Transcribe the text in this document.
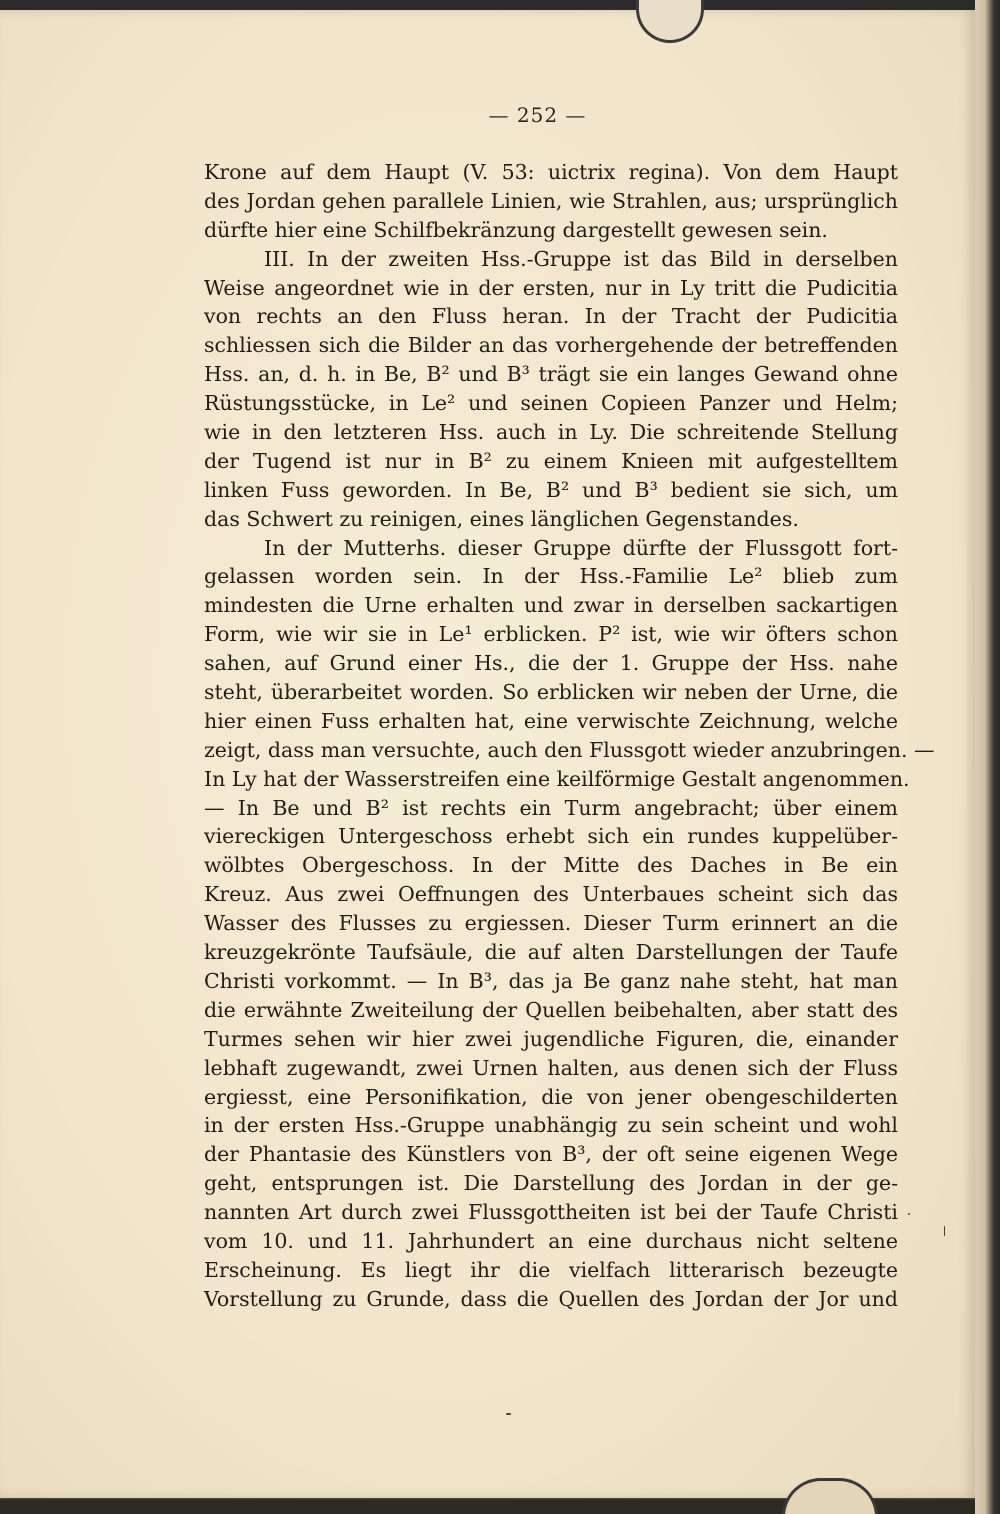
— 252 —
Krone auf dem Haupt (V. 53: uictrix regina). Von dem Haupt
des Jordan gehen parallele Linien, wie Strahlen, aus; ursprünglich
dürfte hier eine Schilfbekränzung dargestellt gewesen sein.
III. In der zweiten Hss.-Gruppe ist das Bild in derselben
Weise angeordnet wie in der ersten, nur in Ly tritt die Pudicitia
von rechts an den Fluss heran. In der Tracht der Pudicitia
schliessen sich die Bilder an das vorhergehende der betreffenden
Hss. an, d. h. in Be, B² und B³ trägt sie ein langes Gewand ohne
Rüstungsstücke, in Le² und seinen Copieen Panzer und Helm;
wie in den letzteren Hss. auch in Ly. Die schreitende Stellung
der Tugend ist nur in B² zu einem Knieen mit aufgestelltem
linken Fuss geworden. In Be, B² und B³ bedient sie sich, um
das Schwert zu reinigen, eines länglichen Gegenstandes.
In der Mutterhs. dieser Gruppe dürfte der Flussgott fort-
gelassen worden sein. In der Hss.-Familie Le² blieb zum
mindesten die Urne erhalten und zwar in derselben sackartigen
Form, wie wir sie in Le¹ erblicken. P² ist, wie wir öfters schon
sahen, auf Grund einer Hs., die der 1. Gruppe der Hss. nahe
steht, überarbeitet worden. So erblicken wir neben der Urne, die
hier einen Fuss erhalten hat, eine verwischte Zeichnung, welche
zeigt, dass man versuchte, auch den Flussgott wieder anzubringen. —
In Ly hat der Wasserstreifen eine keilförmige Gestalt angenommen.
— In Be und B² ist rechts ein Turm angebracht; über einem
viereckigen Untergeschoss erhebt sich ein rundes kuppelüber-
wölbtes Obergeschoss. In der Mitte des Daches in Be ein
Kreuz. Aus zwei Oeffnungen des Unterbaues scheint sich das
Wasser des Flusses zu ergiessen. Dieser Turm erinnert an die
kreuzgekrönte Taufsäule, die auf alten Darstellungen der Taufe
Christi vorkommt. — In B³, das ja Be ganz nahe steht, hat man
die erwähnte Zweiteilung der Quellen beibehalten, aber statt des
Turmes sehen wir hier zwei jugendliche Figuren, die, einander
lebhaft zugewandt, zwei Urnen halten, aus denen sich der Fluss
ergiesst, eine Personifikation, die von jener obengeschilderten
in der ersten Hss.-Gruppe unabhängig zu sein scheint und wohl
der Phantasie des Künstlers von B³, der oft seine eigenen Wege
geht, entsprungen ist. Die Darstellung des Jordan in der ge-
nannten Art durch zwei Flussgottheiten ist bei der Taufe Christi
vom 10. und 11. Jahrhundert an eine durchaus nicht seltene
Erscheinung. Es liegt ihr die vielfach litterarisch bezeugte
Vorstellung zu Grunde, dass die Quellen des Jordan der Jor und
